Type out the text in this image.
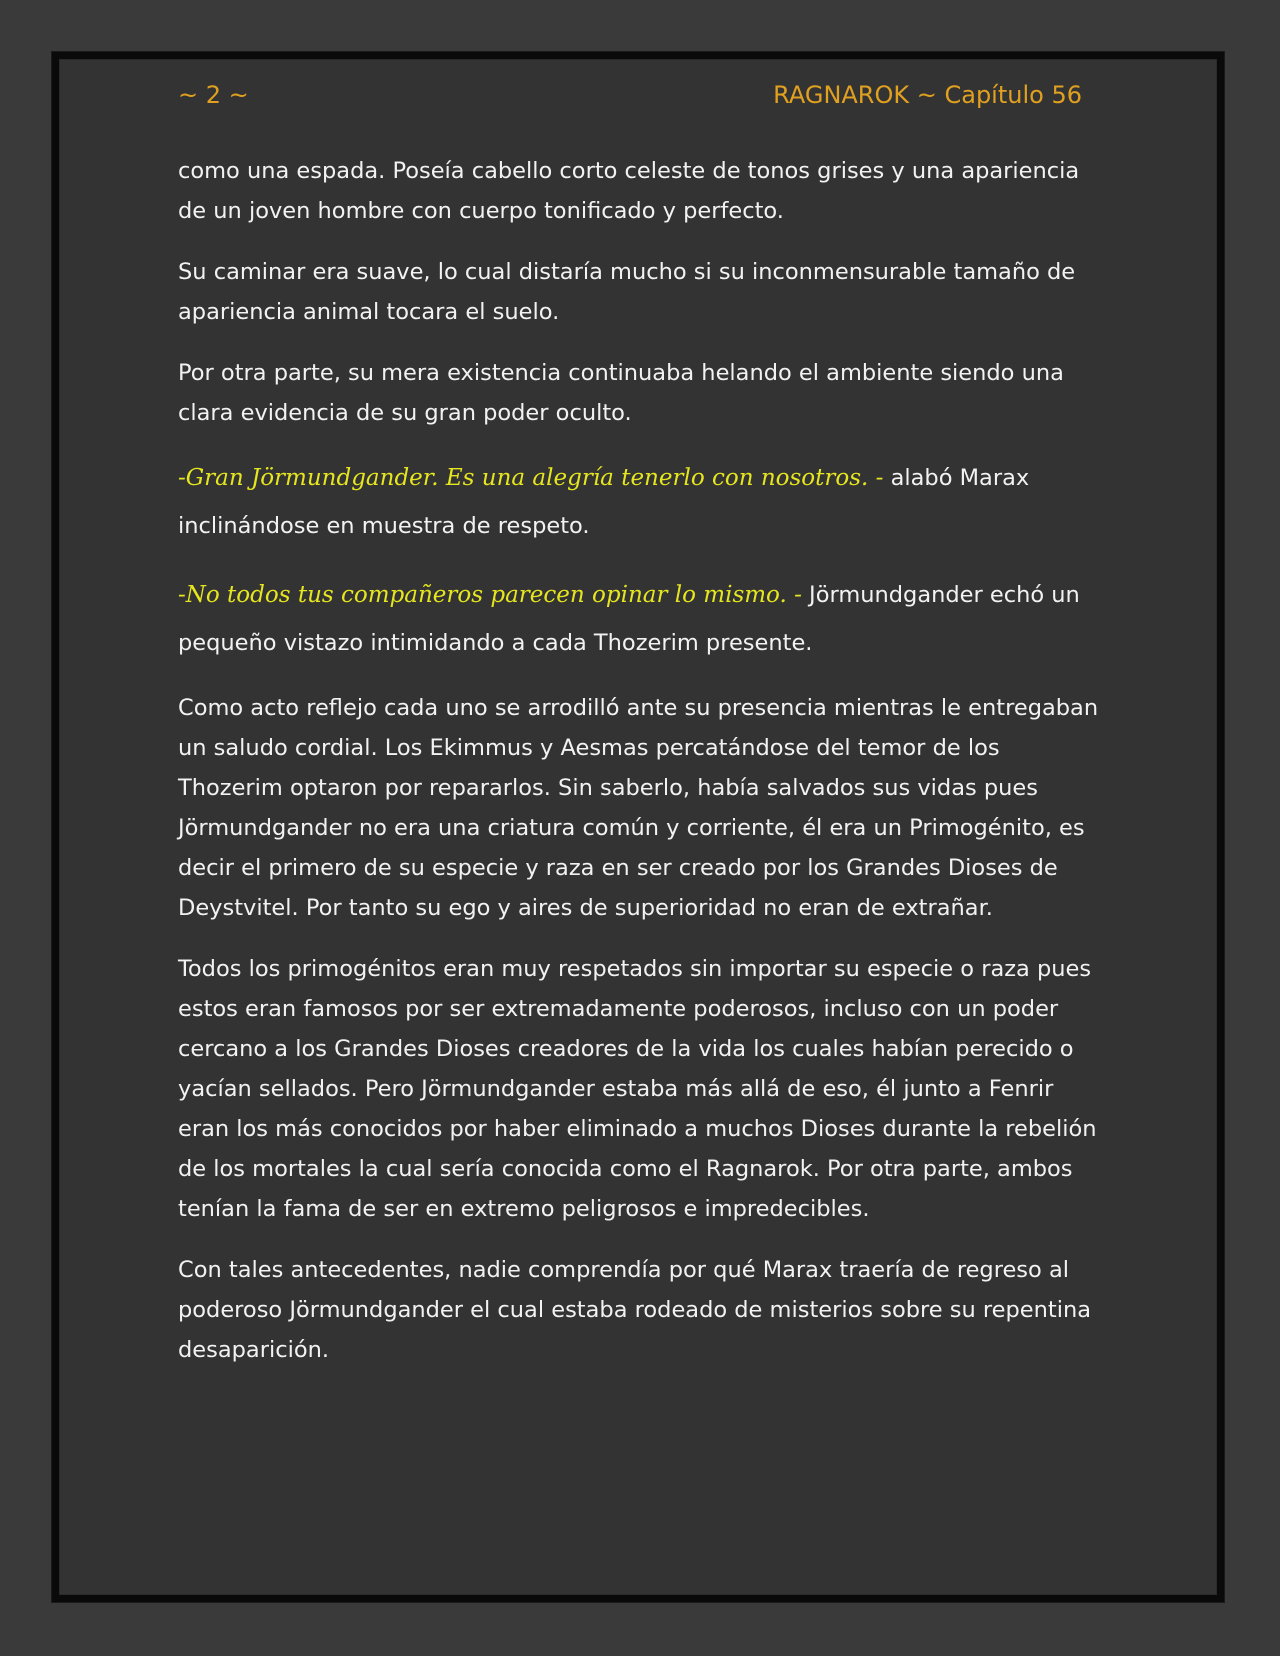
~ 2 ~	RAGNAROK ~ Capítulo 56

como una espada. Poseía cabello corto celeste de tonos grises y una apariencia de un joven hombre con cuerpo tonificado y perfecto.

Su caminar era suave, lo cual distaría mucho si su inconmensurable tamaño de apariencia animal tocara el suelo.

Por otra parte, su mera existencia continuaba helando el ambiente siendo una clara evidencia de su gran poder oculto.

-Gran Jörmundgander. Es una alegría tenerlo con nosotros. - alabó Marax inclinándose en muestra de respeto.

-No todos tus compañeros parecen opinar lo mismo. - Jörmundgander echó un pequeño vistazo intimidando a cada Thozerim presente.

Como acto reflejo cada uno se arrodilló ante su presencia mientras le entregaban un saludo cordial. Los Ekimmus y Aesmas percatándose del temor de los Thozerim optaron por repararlos. Sin saberlo, había salvados sus vidas pues Jörmundgander no era una criatura común y corriente, él era un Primogénito, es decir el primero de su especie y raza en ser creado por los Grandes Dioses de Deystvitel. Por tanto su ego y aires de superioridad no eran de extrañar.

Todos los primogénitos eran muy respetados sin importar su especie o raza pues estos eran famosos por ser extremadamente poderosos, incluso con un poder cercano a los Grandes Dioses creadores de la vida los cuales habían perecido o yacían sellados. Pero Jörmundgander estaba más allá de eso, él junto a Fenrir eran los más conocidos por haber eliminado a muchos Dioses durante la rebelión de los mortales la cual sería conocida como el Ragnarok. Por otra parte, ambos tenían la fama de ser en extremo peligrosos e impredecibles.

Con tales antecedentes, nadie comprendía por qué Marax traería de regreso al poderoso Jörmundgander el cual estaba rodeado de misterios sobre su repentina desaparición.
